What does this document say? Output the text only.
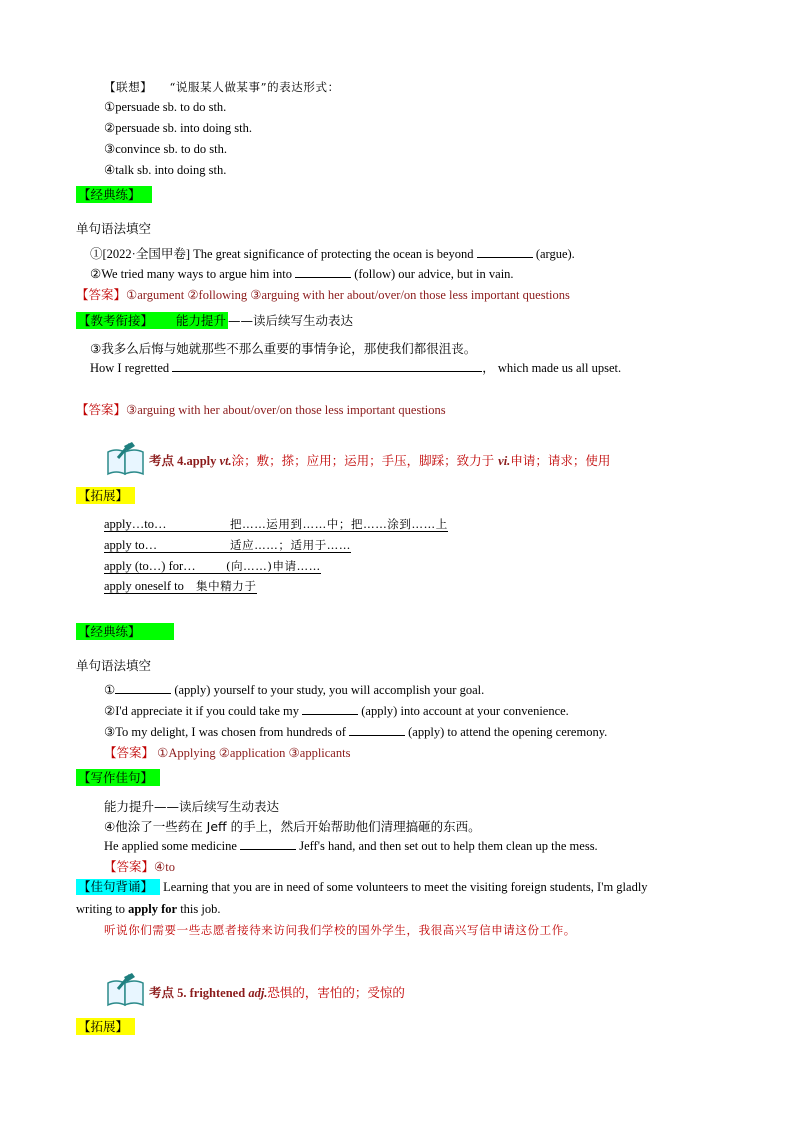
【联想】 “说服某人做某事”的表达形式：
①persuade sb. to do sth.
②persuade sb. into doing sth.
③convince sb. to do sth.
④talk sb. into doing sth.
【经典练】
单句语法填空
①[2022·全国甲卷] The great significance of protecting the ocean is beyond	(argue).
②We tried many ways to argue him into	(follow) our advice, but in vain.
【答案】①argument ②following ③arguing with her about/over/on those less important questions
【教考衔接】 能力提升 ——读后续写生动表达
③我多么后悔与她就那些不那么重要的事情争论，那使我们都很沮丧。
How I regretted	， which made us all upset.
【答案】③arguing with her about/over/on those less important questions
考点 4.apply vt.涂；敷；搽；应用；运用；手压，脚踩；致力于 vi.申请；请求；使用
【拓展】
apply…to…	把……运用到……中；把……涂到……上
apply to…	适应……；适用于……
apply (to…) for…	(向……)申请……
apply oneself to 集中精力于
【经典练】
单句语法填空
①	(apply) yourself to your study, you will accomplish your goal.
②I'd appreciate it if you could take my	(apply) into account at your convenience.
③To my delight, I was chosen from hundreds of	(apply) to attend the opening ceremony.
【答案】 ①Applying ②application ③applicants
【写作佳句】
能力提升——读后续写生动表达
④他涂了一些药在 Jeff 的手上，然后开始帮助他们清理搞砸的东西。
He applied some medicine	Jeff's hand, and then set out to help them clean up the mess.
【答案】④to
【佳句背诵】 Learning that you are in need of some volunteers to meet the visiting foreign students, I'm gladly
writing to apply for this job.
听说你们需要一些志愿者接待来访问我们学校的国外学生，我很高兴写信申请这份工作。
考点 5. frightened adj.恐惧的，害怕的；受惊的
【拓展】
